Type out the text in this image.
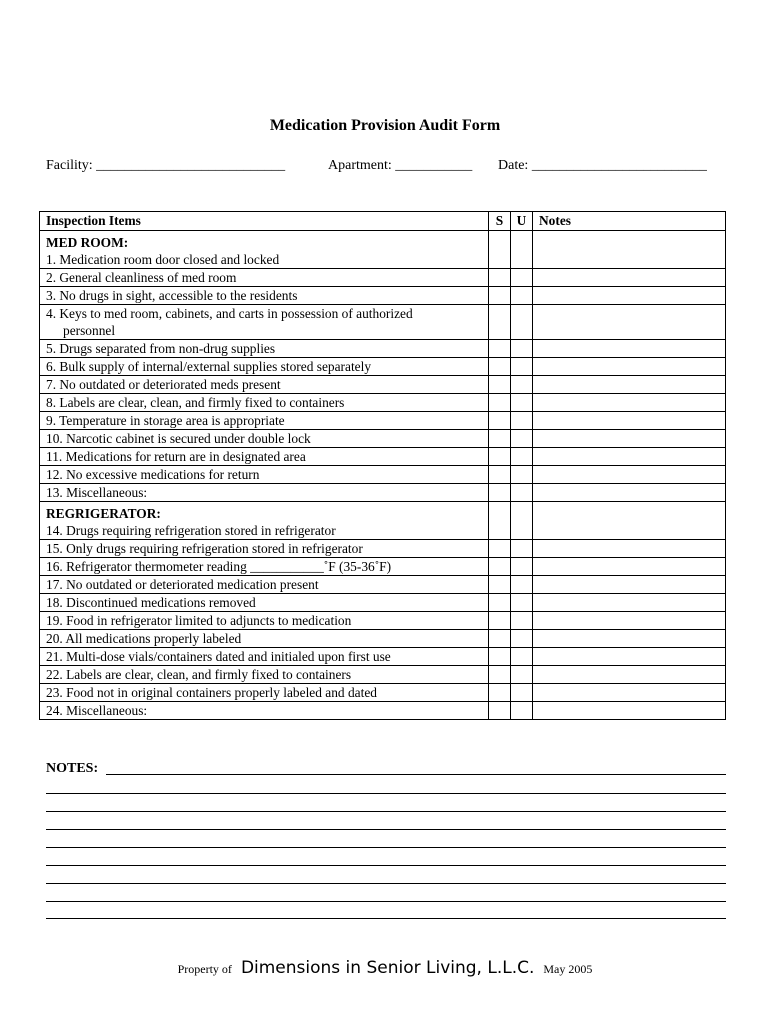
Medication Provision Audit Form
Facility: ___________________________	Apartment: ___________ Date: _________________________
Inspection Items	S	U	Notes

MED ROOM:
1. Medication room door closed and locked			

2. General cleanliness of med room			

3. No drugs in sight, accessible to the residents			

4. Keys to med room, cabinets, and carts in possession of authorized
personnel			

5. Drugs separated from non-drug supplies			

6. Bulk supply of internal/external supplies stored separately			

7. No outdated or deteriorated meds present			

8. Labels are clear, clean, and firmly fixed to containers			

9. Temperature in storage area is appropriate			

10. Narcotic cabinet is secured under double lock			

11. Medications for return are in designated area			

12. No excessive medications for return			

13. Miscellaneous:			

REGRIGERATOR:
14. Drugs requiring refrigeration stored in refrigerator			

15. Only drugs requiring refrigeration stored in refrigerator			

16. Refrigerator thermometer reading ___________˚F (35-36˚F)			

17. No outdated or deteriorated medication present			

18. Discontinued medications removed			

19. Food in refrigerator limited to adjuncts to medication			

20. All medications properly labeled			

21. Multi-dose vials/containers dated and initialed upon first use			

22. Labels are clear, clean, and firmly fixed to containers			

23. Food not in original containers properly labeled and dated			

24. Miscellaneous:			

NOTES:
Property of Dimensions in Senior Living, L.L.C. May 2005
